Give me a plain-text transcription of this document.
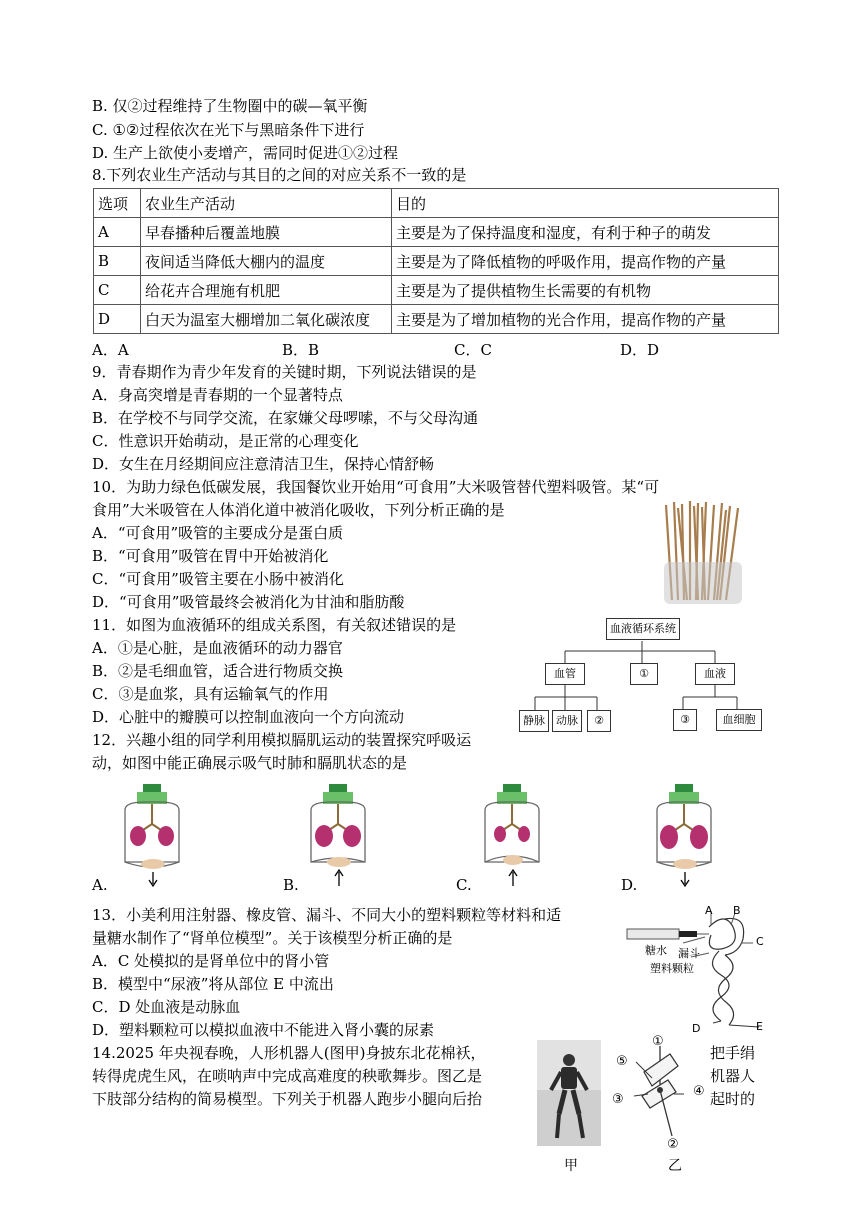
B. 仅②过程维持了生物圈中的碳—氧平衡
C. ①②过程依次在光下与黑暗条件下进行
D. 生产上欲使小麦增产，需同时促进①②过程
8.下列农业生产活动与其目的之间的对应关系不一致的是
选项	农业生产活动	目的
A	早春播种后覆盖地膜	主要是为了保持温度和湿度，有利于种子的萌发
B	夜间适当降低大棚内的温度	主要是为了降低植物的呼吸作用，提高作物的产量
C	给花卉合理施有机肥	主要是为了提供植物生长需要的有机物
D	白天为温室大棚增加二氧化碳浓度	主要是为了增加植物的光合作用，提高作物的产量
A．A	B．B	C．C	D．D
9．青春期作为青少年发育的关键时期，下列说法错误的是
A．身高突增是青春期的一个显著特点
B．在学校不与同学交流，在家嫌父母啰嗦，不与父母沟通
C．性意识开始萌动，是正常的心理变化
D．女生在月经期间应注意清洁卫生，保持心情舒畅
10．为助力绿色低碳发展，我国餐饮业开始用“可食用”大米吸管替代塑料吸管。某“可
食用”大米吸管在人体消化道中被消化吸收，下列分析正确的是
A．“可食用”吸管的主要成分是蛋白质
B．“可食用”吸管在胃中开始被消化
C．“可食用”吸管主要在小肠中被消化
D．“可食用”吸管最终会被消化为甘油和脂肪酸
11．如图为血液循环的组成关系图，有关叙述错误的是
A．①是心脏，是血液循环的动力器官
B．②是毛细血管，适合进行物质交换
C．③是血浆，具有运输氧气的作用
D．心脏中的瓣膜可以控制血液向一个方向流动
血液循环系统
血管	①	血液
静脉	动脉	②	③	血细胞
12．兴趣小组的同学利用模拟膈肌运动的装置探究呼吸运
动，如图中能正确展示吸气时肺和膈肌状态的是
A.	B.	C.	D.
13．小美利用注射器、橡皮管、漏斗、不同大小的塑料颗粒等材料和适
量糖水制作了“肾单位模型”。关于该模型分析正确的是
A．C 处模拟的是肾单位中的肾小管
B．模型中“尿液”将从部位 E 中流出
C．D 处血液是动脉血
D．塑料颗粒可以模拟血液中不能进入肾小囊的尿素
A B
C
D	E
糖水 漏斗
塑料颗粒
14.2025 年央视春晚，人形机器人(图甲)身披东北花棉袄，	把手绢
转得虎虎生风，在唢呐声中完成高难度的秧歌舞步。图乙是	机器人
下肢部分结构的简易模型。下列关于机器人跑步小腿向后抬	起时的
甲
①
②
③
④
⑤
乙
